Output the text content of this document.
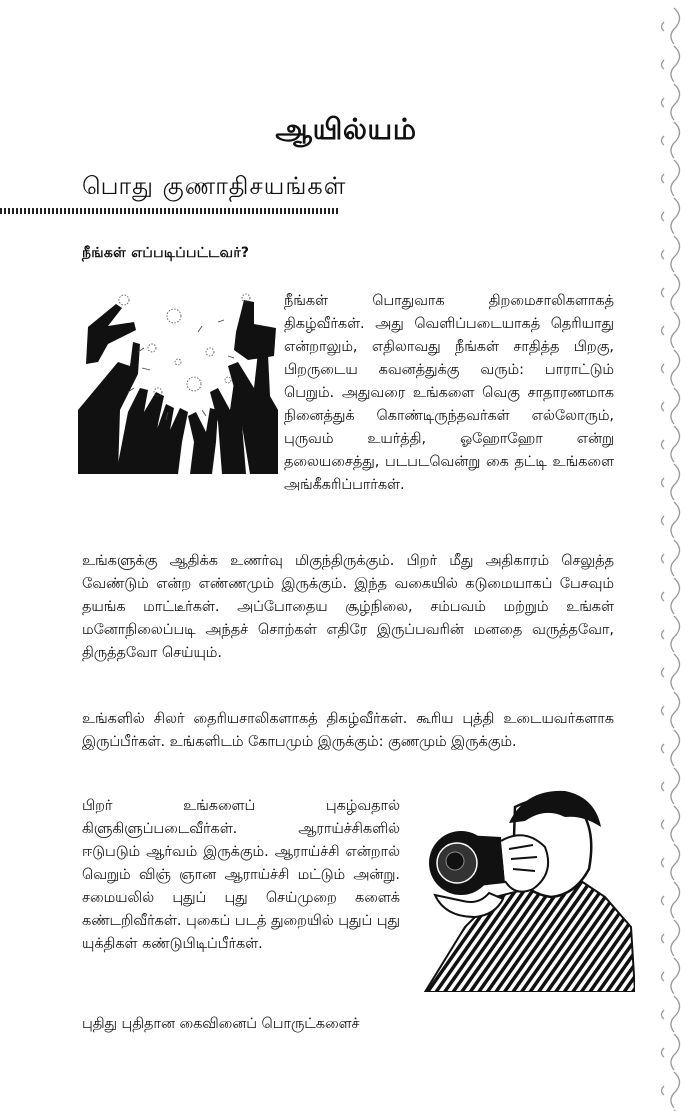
ஆயில்யம்
பொது குணாதிசயங்கள்
நீங்கள் எப்படிப்பட்டவர்?

நீங்கள் பொதுவாக திறமைசாலிகளாகத் திகழ்வீர்கள். அது வெளிப்படையாகத் தெரியாது என்றாலும், எதிலாவது நீங்கள் சாதித்த பிறகு, பிறருடைய கவனத்துக்கு வரும்: பாராட்டும் பெறும். அதுவரை உங்களை வெகு சாதாரணமாக நினைத்துக் கொண்டிருந்தவர்கள் எல்லோரும், புருவம் உயர்த்தி, ஓஹோஹோ என்று தலையசைத்து, படபடவென்று கை தட்டி உங்களை அங்கீகரிப்பார்கள்.

உங்களுக்கு ஆதிக்க உணர்வு மிகுந்திருக்கும். பிறர் மீது அதிகாரம் செலுத்த வேண்டும் என்ற எண்ணமும் இருக்கும். இந்த வகையில் கடுமையாகப் பேசவும் தயங்க மாட்டீர்கள். அப்போதைய சூழ்நிலை, சம்பவம் மற்றும் உங்கள் மனோநிலைப்படி அந்தச் சொற்கள் எதிரே இருப்பவரின் மனதை வருத்தவோ, திருத்தவோ செய்யும்.

உங்களில் சிலர் தைரியசாலிகளாகத் திகழ்வீர்கள். கூரிய புத்தி உடையவர்களாக இருப்பீர்கள். உங்களிடம் கோபமும் இருக்கும்: குணமும் இருக்கும்.

பிறர் உங்களைப் புகழ்வதால் கிளுகிளுப்படைவீர்கள். ஆராய்ச்சிகளில் ஈடுபடும் ஆர்வம் இருக்கும். ஆராய்ச்சி என்றால் வெறும் விஞ் ஞான ஆராய்ச்சி மட்டும் அன்று. சமையலில் புதுப் புது செய்முறை களைக் கண்டறிவீர்கள். புகைப் படத் துறையில் புதுப் புது யுக்திகள் கண்டுபிடிப்பீர்கள்.

புதிது புதிதான கைவினைப் பொருட்களைச்
